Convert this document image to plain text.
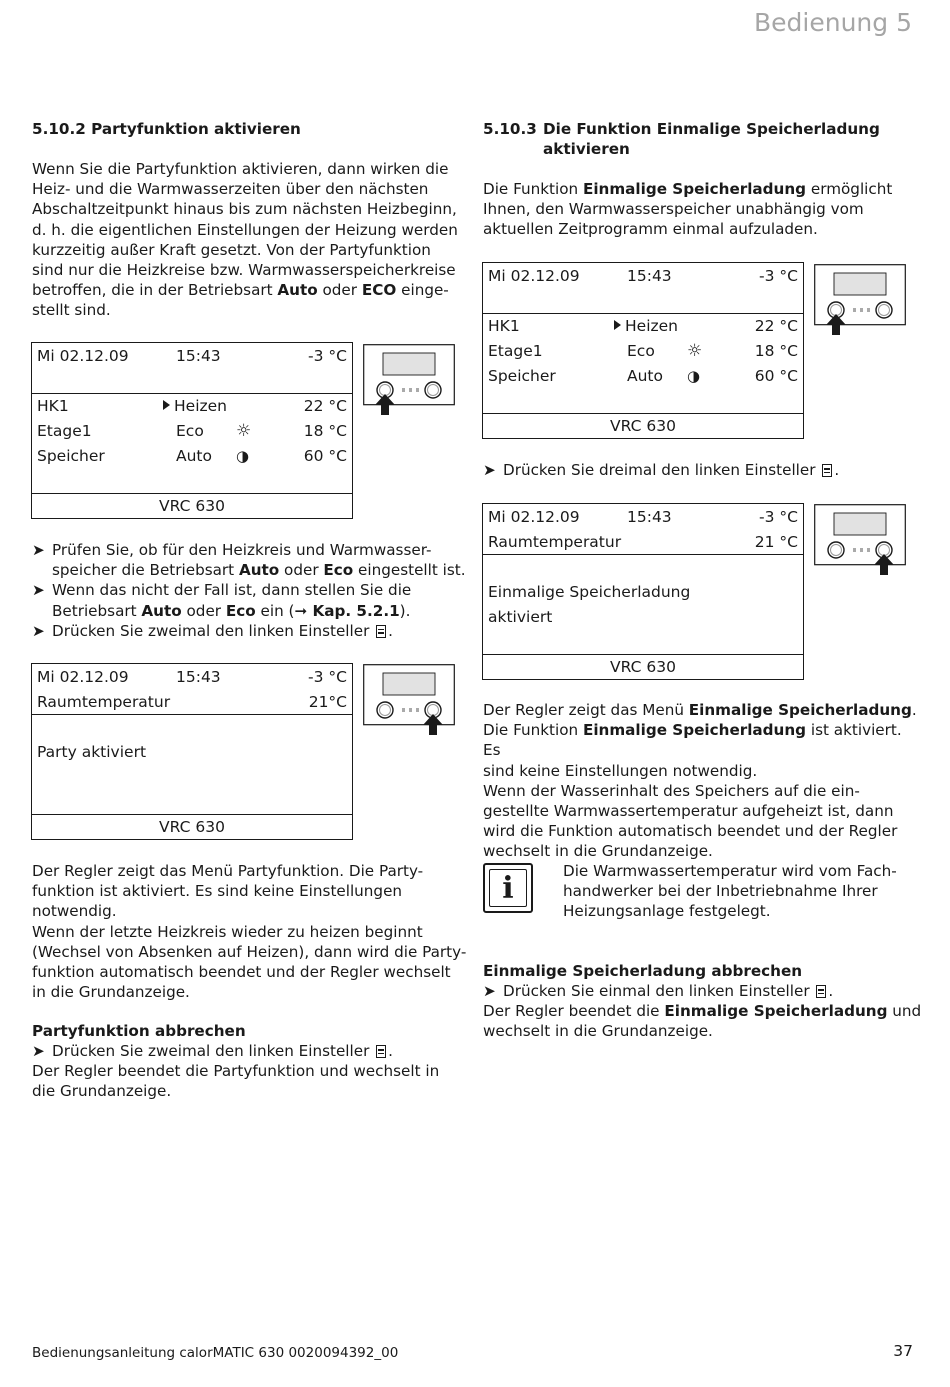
Bedienung 5
5.10.2 Partyfunktion aktivieren
Wenn Sie die Partyfunktion aktivieren, dann wirken die
Heiz- und die Warmwasserzeiten über den nächsten
Abschaltzeitpunkt hinaus bis zum nächsten Heizbeginn,
d. h. die eigentlichen Einstellungen der Heizung werden
kurzzeitig außer Kraft gesetzt. Von der Partyfunktion
sind nur die Heizkreise bzw. Warmwasserspeicherkreise
betroffen, die in der Betriebsart Auto oder ECO einge-
stellt sind.
Mi 02.12.09	15:43	-3 °C
HK1	Heizen	22 °C
Etage1	Eco ☼	18 °C
Speicher	Auto ◑	60 °C
VRC 630
➤ Prüfen Sie, ob für den Heizkreis und Warmwasser-
speicher die Betriebsart Auto oder Eco eingestellt ist.
➤ Wenn das nicht der Fall ist, dann stellen Sie die
Betriebsart Auto oder Eco ein (➞ Kap. 5.2.1).
➤ Drücken Sie zweimal den linken Einsteller .
Mi 02.12.09	15:43	-3 °C
Raumtemperatur	21°C
Party aktiviert
VRC 630
Der Regler zeigt das Menü Partyfunktion. Die Party-
funktion ist aktiviert. Es sind keine Einstellungen
notwendig.
Wenn der letzte Heizkreis wieder zu heizen beginnt
(Wechsel von Absenken auf Heizen), dann wird die Party-
funktion automatisch beendet und der Regler wechselt
in die Grundanzeige.
Partyfunktion abbrechen
➤ Drücken Sie zweimal den linken Einsteller .
Der Regler beendet die Partyfunktion und wechselt in
die Grundanzeige.
5.10.3 Die Funktion Einmalige Speicherladung
aktivieren
Die Funktion Einmalige Speicherladung ermöglicht
Ihnen, den Warmwasserspeicher unabhängig vom
aktuellen Zeitprogramm einmal aufzuladen.
Mi 02.12.09	15:43	-3 °C
HK1	Heizen	22 °C
Etage1	Eco ☼	18 °C
Speicher	Auto ◑	60 °C
VRC 630
➤ Drücken Sie dreimal den linken Einsteller .
Mi 02.12.09	15:43	-3 °C
Raumtemperatur	21 °C
Einmalige Speicherladung
aktiviert
VRC 630
Der Regler zeigt das Menü Einmalige Speicherladung.
Die Funktion Einmalige Speicherladung ist aktiviert. Es
sind keine Einstellungen notwendig.
Wenn der Wasserinhalt des Speichers auf die ein-
gestellte Warmwassertemperatur aufgeheizt ist, dann
wird die Funktion automatisch beendet und der Regler
wechselt in die Grundanzeige.
i	Die Warmwassertemperatur wird vom Fach-
handwerker bei der Inbetriebnahme Ihrer
Heizungsanlage festgelegt.
Einmalige Speicherladung abbrechen
➤ Drücken Sie einmal den linken Einsteller .
Der Regler beendet die Einmalige Speicherladung und
wechselt in die Grundanzeige.
Bedienungsanleitung calorMATIC 630 0020094392_00	37
